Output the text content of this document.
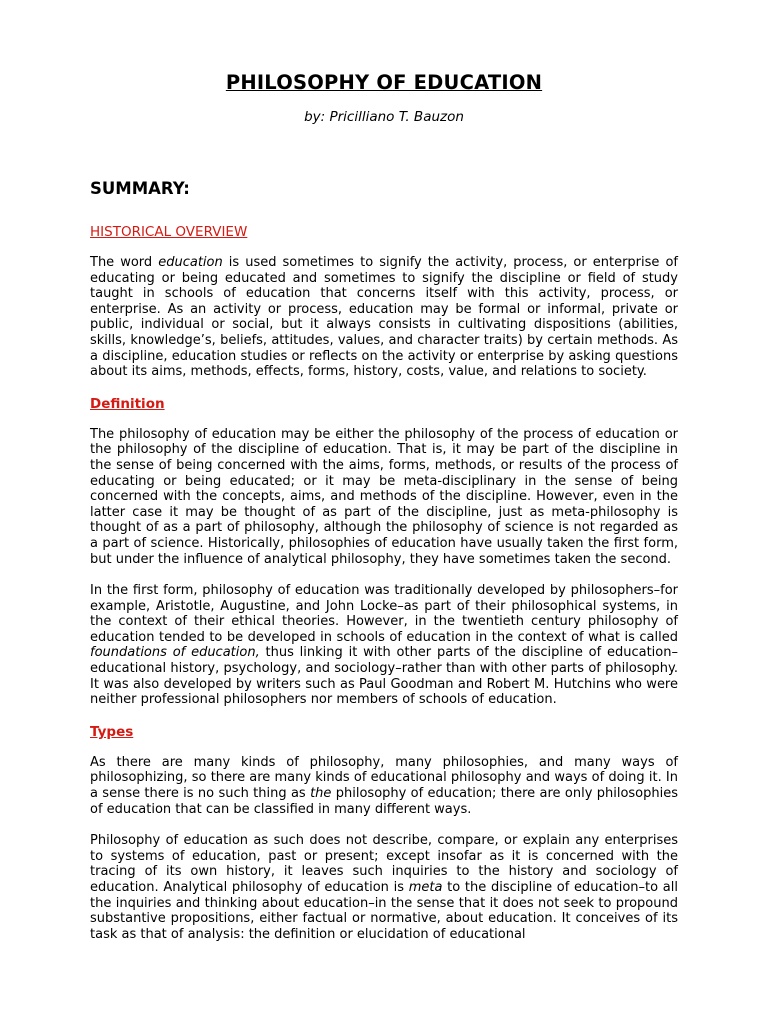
PHILOSOPHY OF EDUCATION
by: Pricilliano T. Bauzon
SUMMARY:
HISTORICAL OVERVIEW

The word education is used sometimes to signify the activity, process, or enterprise of educating or being educated and sometimes to signify the discipline or field of study taught in schools of education that concerns itself with this activity, process, or enterprise. As an activity or process, education may be formal or informal, private or public, individual or social, but it always consists in cultivating dispositions (abilities, skills, knowledge’s, beliefs, attitudes, values, and character traits) by certain methods. As a discipline, education studies or reflects on the activity or enterprise by asking questions about its aims, methods, effects, forms, history, costs, value, and relations to society.

Definition

The philosophy of education may be either the philosophy of the process of education or the philosophy of the discipline of education. That is, it may be part of the discipline in the sense of being concerned with the aims, forms, methods, or results of the process of educating or being educated; or it may be meta-disciplinary in the sense of being concerned with the concepts, aims, and methods of the discipline. However, even in the latter case it may be thought of as part of the discipline, just as meta-philosophy is thought of as a part of philosophy, although the philosophy of science is not regarded as a part of science. Historically, philosophies of education have usually taken the first form, but under the influence of analytical philosophy, they have sometimes taken the second.

In the first form, philosophy of education was traditionally developed by philosophers–for example, Aristotle, Augustine, and John Locke–as part of their philosophical systems, in the context of their ethical theories. However, in the twentieth century philosophy of education tended to be developed in schools of education in the context of what is called foundations of education, thus linking it with other parts of the discipline of education–educational history, psychology, and sociology–rather than with other parts of philosophy. It was also developed by writers such as Paul Goodman and Robert M. Hutchins who were neither professional philosophers nor members of schools of education.

Types

As there are many kinds of philosophy, many philosophies, and many ways of philosophizing, so there are many kinds of educational philosophy and ways of doing it. In a sense there is no such thing as the philosophy of education; there are only philosophies of education that can be classified in many different ways.

Philosophy of education as such does not describe, compare, or explain any enterprises to systems of education, past or present; except insofar as it is concerned with the tracing of its own history, it leaves such inquiries to the history and sociology of education. Analytical philosophy of education is meta to the discipline of education–to all the inquiries and thinking about education–in the sense that it does not seek to propound substantive propositions, either factual or normative, about education. It conceives of its task as that of analysis: the definition or elucidation of educational
